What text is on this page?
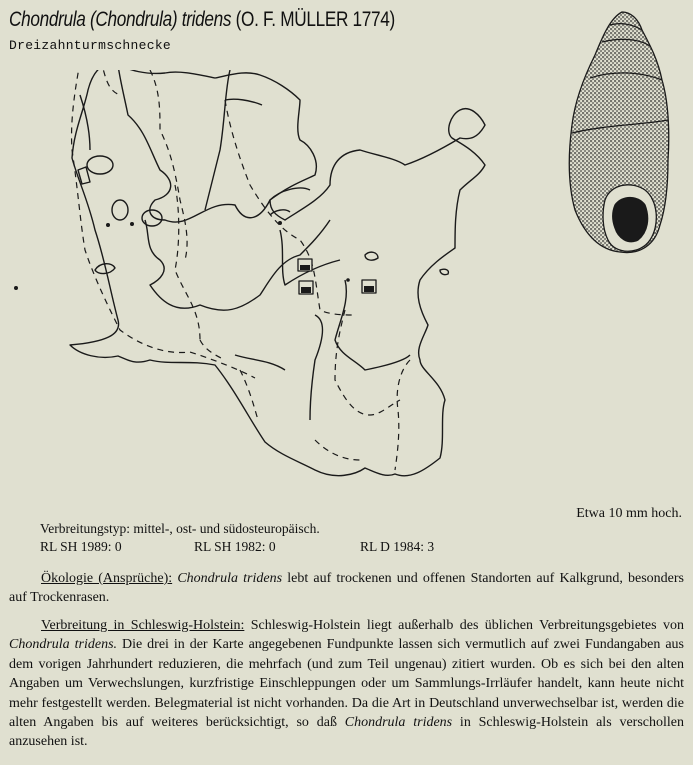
Chondrula (Chondrula) tridens (O. F. MÜLLER 1774)
Dreizahnturmschnecke
Etwa 10 mm hoch.
Verbreitungstyp: mittel-, ost- und südosteuropäisch.
RL SH 1989: 0	RL SH 1982: 0	RL D 1984: 3
Ökologie (Ansprüche): Chondrula tridens lebt auf trockenen und offenen Standorten auf Kalkgrund, besonders auf Trockenrasen.
Verbreitung in Schleswig-Holstein: Schleswig-Holstein liegt außerhalb des üblichen Verbreitungsgebietes von Chondrula tridens. Die drei in der Karte angegebenen Fundpunkte lassen sich vermutlich auf zwei Fundangaben aus dem vorigen Jahrhundert reduzieren, die mehrfach (und zum Teil ungenau) zitiert wurden. Ob es sich bei den alten Angaben um Verwechslungen, kurzfristige Einschleppungen oder um Sammlungs-Irrläufer handelt, kann heute nicht mehr festgestellt werden. Belegmaterial ist nicht vorhanden. Da die Art in Deutschland unverwechselbar ist, werden die alten Angaben bis auf weiteres berücksichtigt, so daß Chondrula tridens in Schleswig-Holstein als verschollen anzusehen ist.
